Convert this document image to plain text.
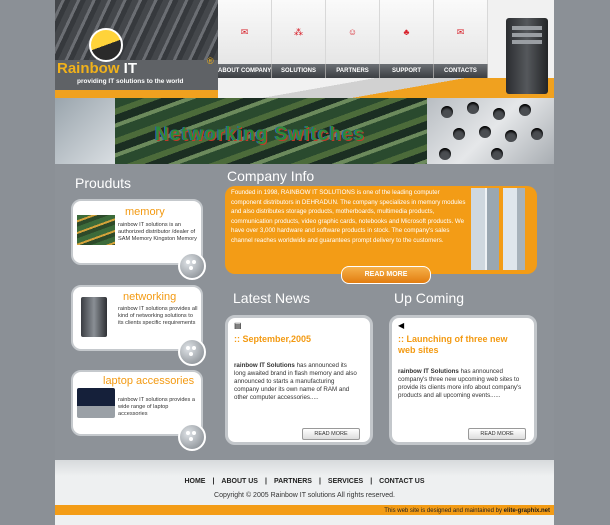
Rainbow IT
providing IT solutions to the world
®
✉	⁂	☺	♣	✉
ABOUT COMPANY	SOLUTIONS	PARTNERS	SUPPORT	CONTACTS
Networking Switches
Prouduts
memory
rainbow IT solutions is an authorized distributor /dealer of SAM Memory Kingston Memory
networking
rainbow IT solutions provides all kind of networking solutions to its clients specific requirements
laptop accessories
rainbow IT solutions provides a wide range of laptop accessories
Company Info
Founded in 1998, RAINBOW IT SOLUTIONS is one of the leading computer component distributors in DEHRADUN. The company specializes in memory modules and also distributes storage products, motherboards, multimedia products, communication products, video graphic cards, notebooks and Microsoft products. We have over 3,000 hardware and software products in stock. The company's sales channel reaches worldwide and guarantees prompt delivery to the customers.
READ MORE
Latest News
▤
:: September,2005
rainbow IT Solutions has announced its long awaited brand in flash memory and also announced to starts a manufacturing company under its own name of RAM and other computer accessories.....
READ MORE
Up Coming
◀
:: Launching of three new web sites
rainbow IT Solutions has announced company's three new upcoming web sites to provide its clients more info about company's products and all upcoming events......
READ MORE
HOME | ABOUT US | PARTNERS | SERVICES | CONTACT US
Copyright © 2005 Rainbow IT solutions All rights reserved.
This web site is designed and maintained by elite-graphix.net
